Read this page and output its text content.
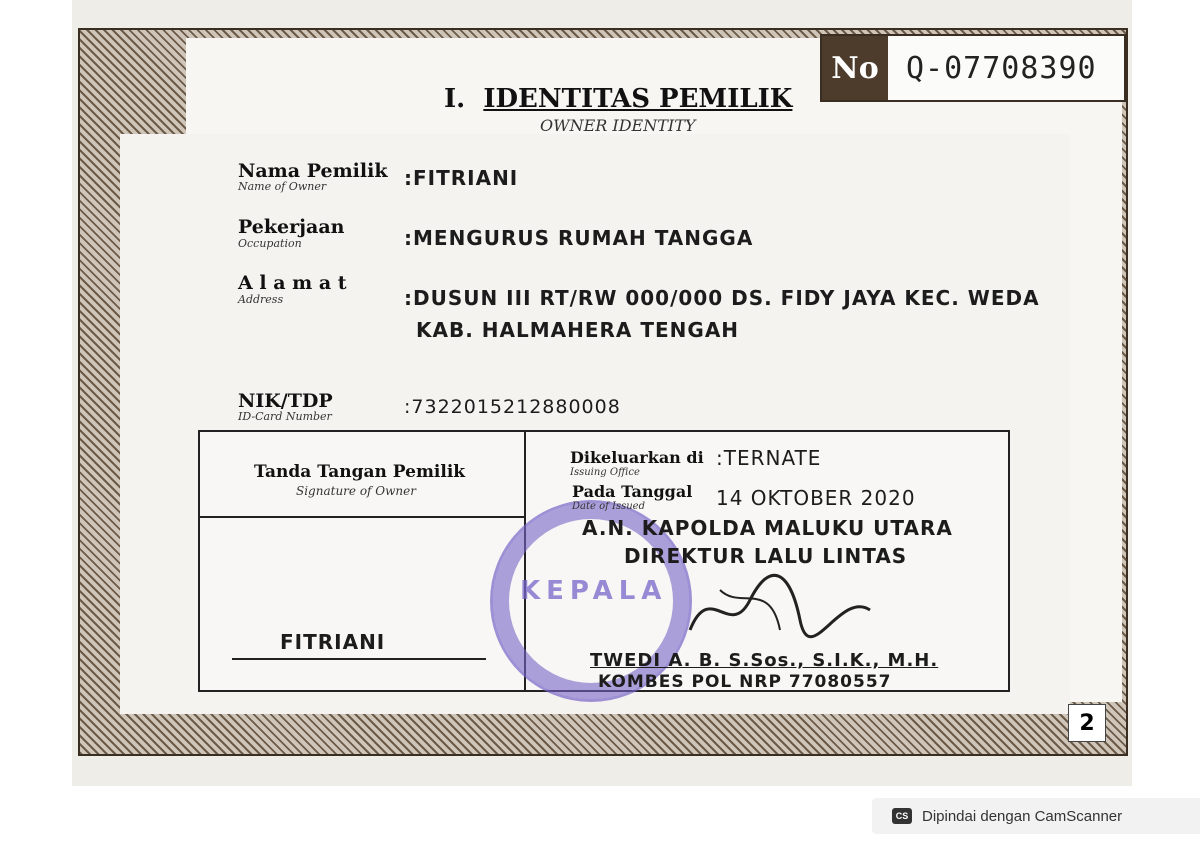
No Q-07708390
I. IDENTITAS PEMILIK
OWNER IDENTITY
Nama Pemilik
Name of Owner	:FITRIANI
Pekerjaan
Occupation	:MENGURUS RUMAH TANGGA
A l a m a t
Address	:DUSUN III RT/RW 000/000 DS. FIDY JAYA KEC. WEDA
KAB. HALMAHERA TENGAH
NIK/TDP
ID-Card Number	:7322015212880008
Tanda Tangan Pemilik
Signature of Owner
FITRIANI
KEPALA
Dikeluarkan di
Issuing Office
:TERNATE
Pada Tanggal
Date of Issued	14 OKTOBER 2020
A.N. KAPOLDA MALUKU UTARA
DIREKTUR LALU LINTAS
TWEDI A. B. S.Sos., S.I.K., M.H.
KOMBES POL NRP 77080557
2
CS Dipindai dengan CamScanner
